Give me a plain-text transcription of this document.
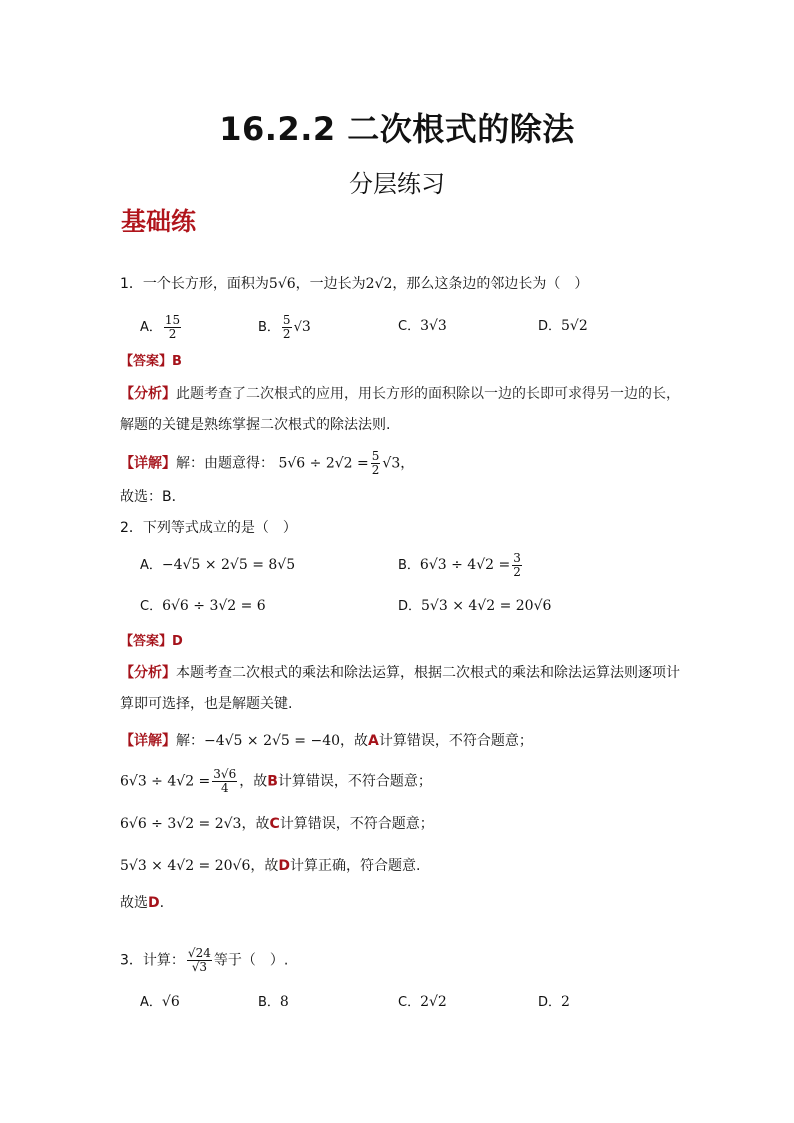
16.2.2 二次根式的除法
分层练习
基础练
1．一个长方形，面积为5√6，一边长为2√2，那么这条边的邻边长为（　）
A． $\frac{15}{2}$	B． $\frac{5}{2} √3$	C．3√3	D．5√2
【答案】B
【分析】此题考查了二次根式的应用，用长方形的面积除以一边的长即可求得另一边的长，
解题的关键是熟练掌握二次根式的除法法则.
【详解】解：由题意得： $5√6 \div 2√2 = \frac{5}{2} √3$，
故选：B．
2．下列等式成立的是（　）
A．−4√5 × 2√5 = 8√5	B．$6√3 \div 4√2 = \frac{3}{2}$
C．6√6 ÷ 3√2 = 6	D．5√3 × 4√2 = 20√6
【答案】D
【分析】本题考查二次根式的乘法和除法运算，根据二次根式的乘法和除法运算法则逐项计
算即可选择，也是解题关键.
【详解】解：−4√5 × 2√5 = −40，故A计算错误，不符合题意；
$6√3 \div 4√2 = \frac{3√6}{4}$ ，故B计算错误，不符合题意；
6√6 ÷ 3√2 = 2√3，故C计算错误，不符合题意；
5√3 × 4√2 = 20√6，故D计算正确，符合题意.
故选D.
3．计算： $\frac{√24}{√3}$ 等于（　）.
A．√6	B．8	C．2√2	D．2
